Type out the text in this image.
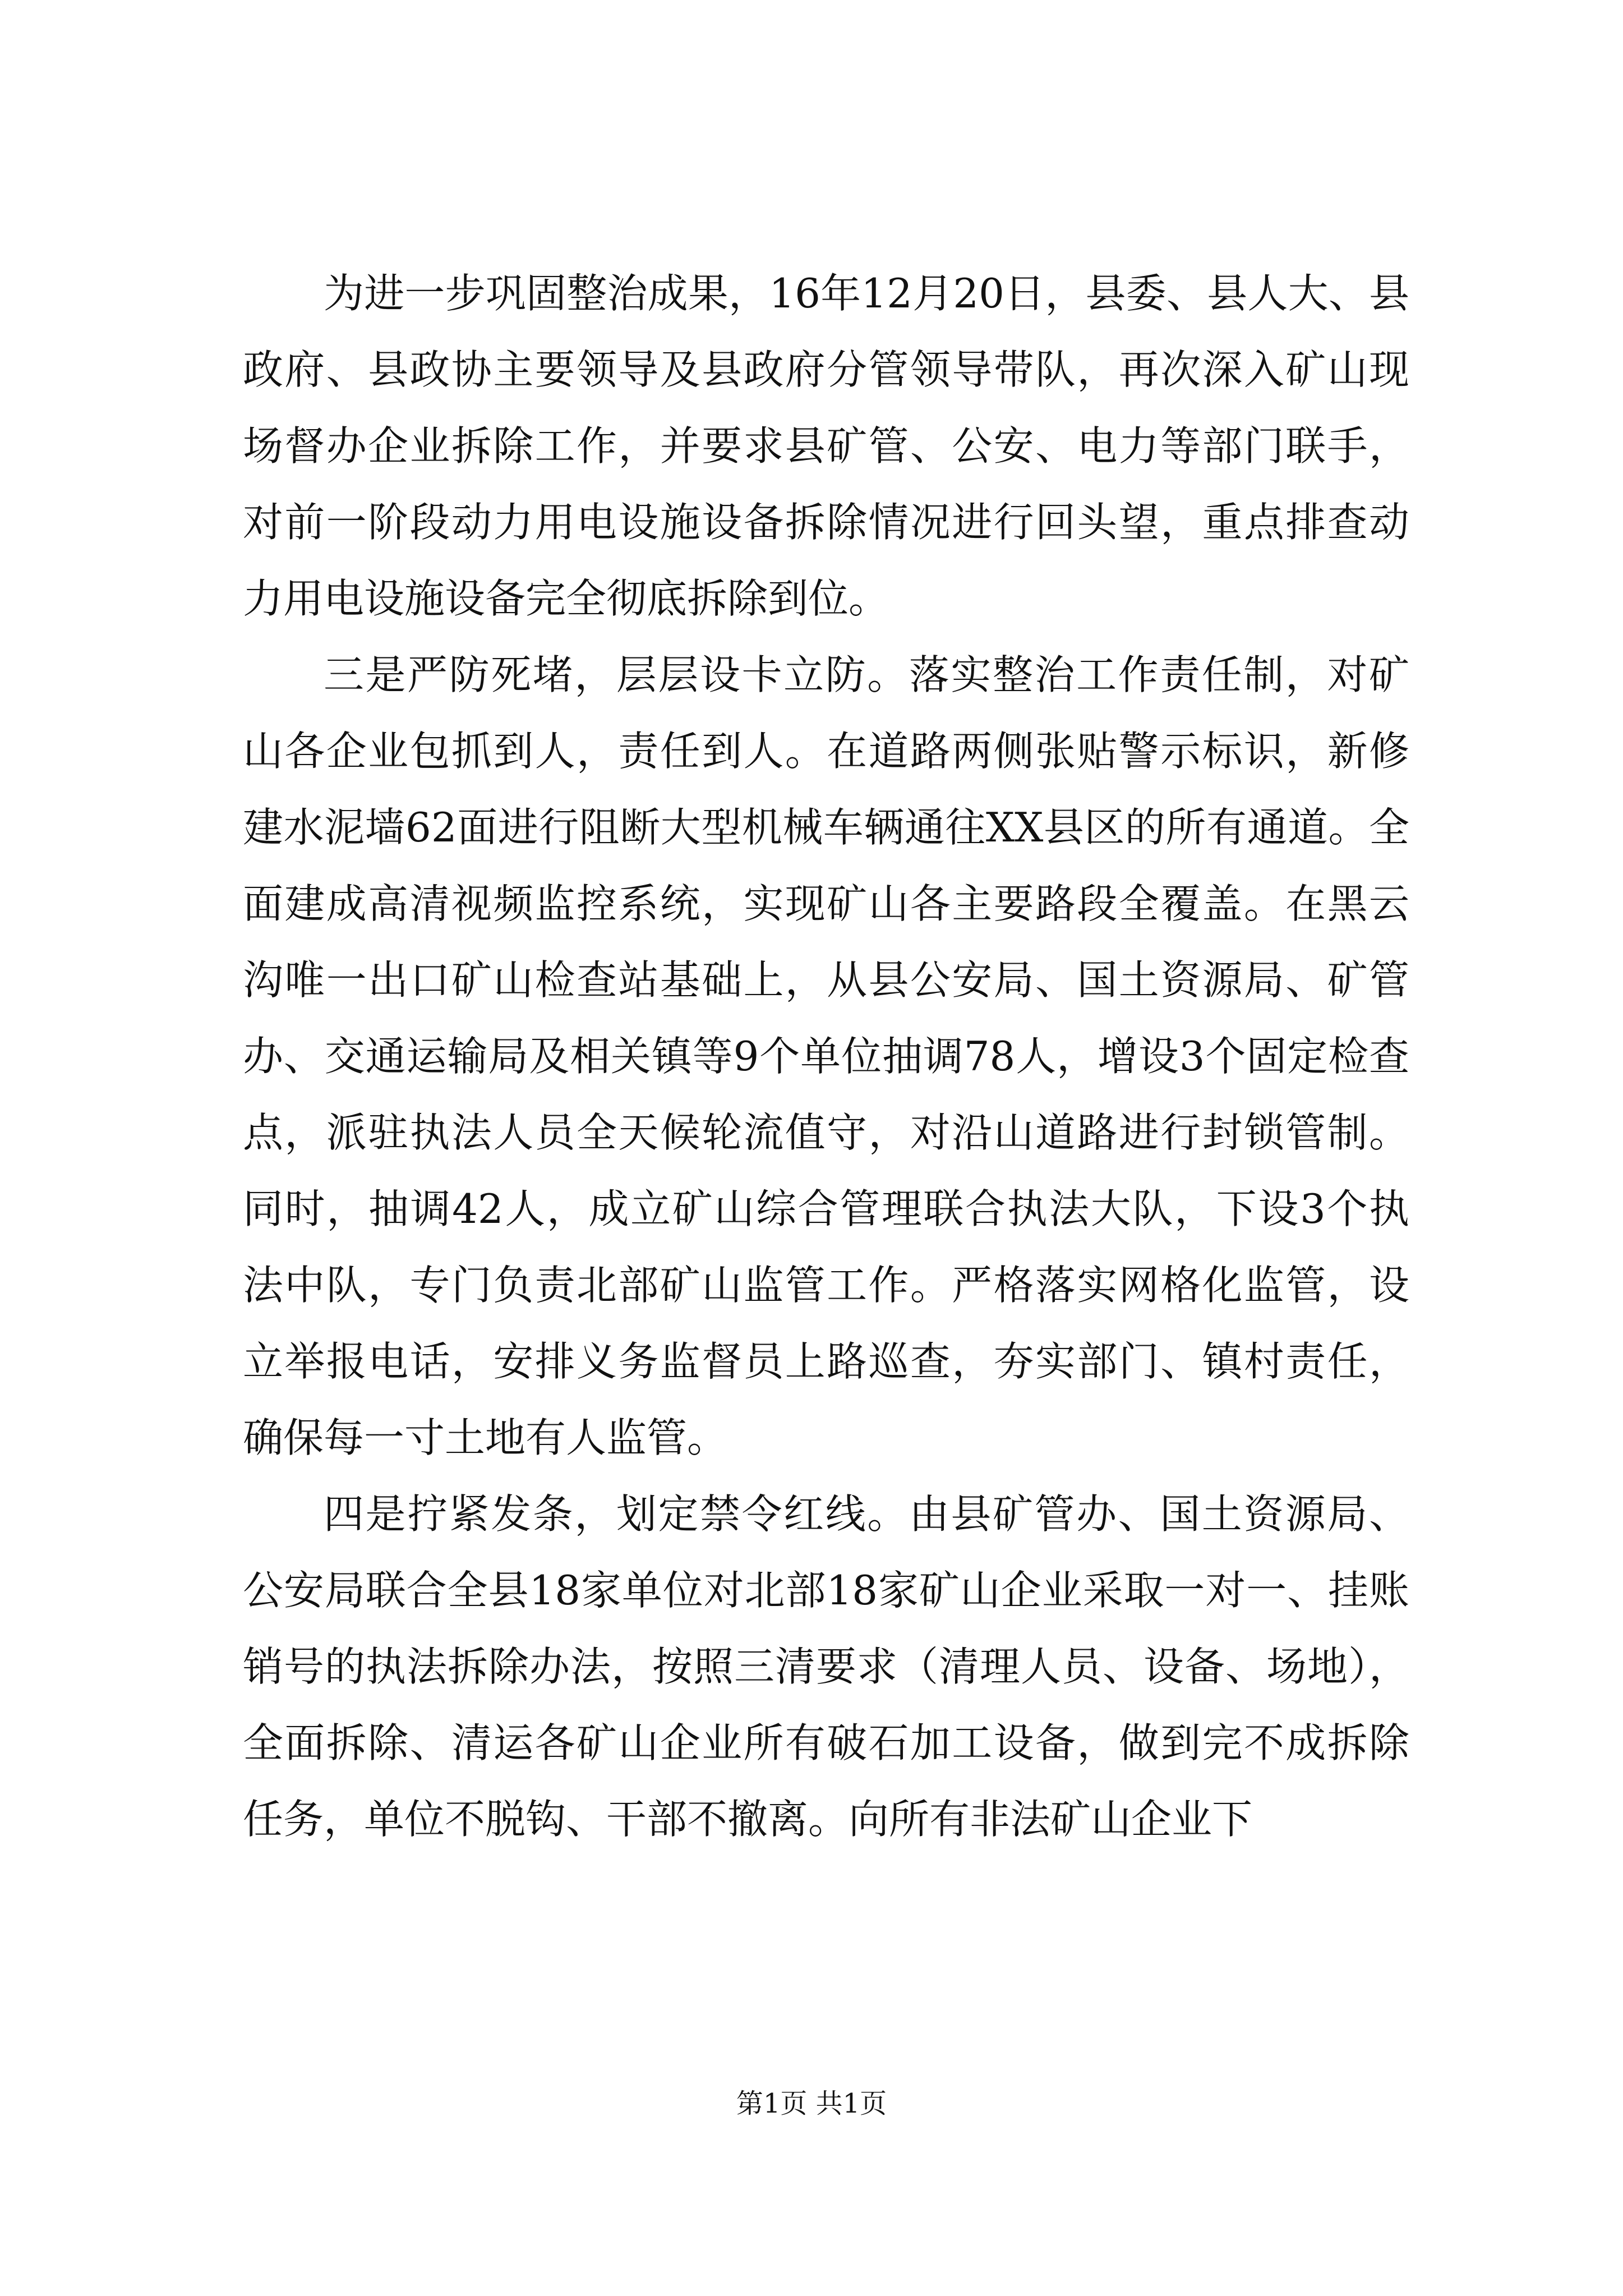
为进一步巩固整治成果，16年12月20日，县委、县人大、县政府、县政协主要领导及县政府分管领导带队，再次深入矿山现场督办企业拆除工作，并要求县矿管、公安、电力等部门联手，对前一阶段动力用电设施设备拆除情况进行回头望，重点排查动力用电设施设备完全彻底拆除到位。

三是严防死堵，层层设卡立防。落实整治工作责任制，对矿山各企业包抓到人，责任到人。在道路两侧张贴警示标识，新修建水泥墙62面进行阻断大型机械车辆通往XX县区的所有通道。全面建成高清视频监控系统，实现矿山各主要路段全覆盖。在黑云沟唯一出口矿山检查站基础上，从县公安局、国土资源局、矿管办、交通运输局及相关镇等9个单位抽调78人，增设3个固定检查点，派驻执法人员全天候轮流值守，对沿山道路进行封锁管制。同时，抽调42人，成立矿山综合管理联合执法大队，下设3个执法中队，专门负责北部矿山监管工作。严格落实网格化监管，设立举报电话，安排义务监督员上路巡查，夯实部门、镇村责任，确保每一寸土地有人监管。

四是拧紧发条，划定禁令红线。由县矿管办、国土资源局、公安局联合全县18家单位对北部18家矿山企业采取一对一、挂账销号的执法拆除办法，按照三清要求（清理人员、设备、场地），全面拆除、清运各矿山企业所有破石加工设备，做到完不成拆除任务，单位不脱钩、干部不撤离。向所有非法矿山企业下

第1页 共1页
